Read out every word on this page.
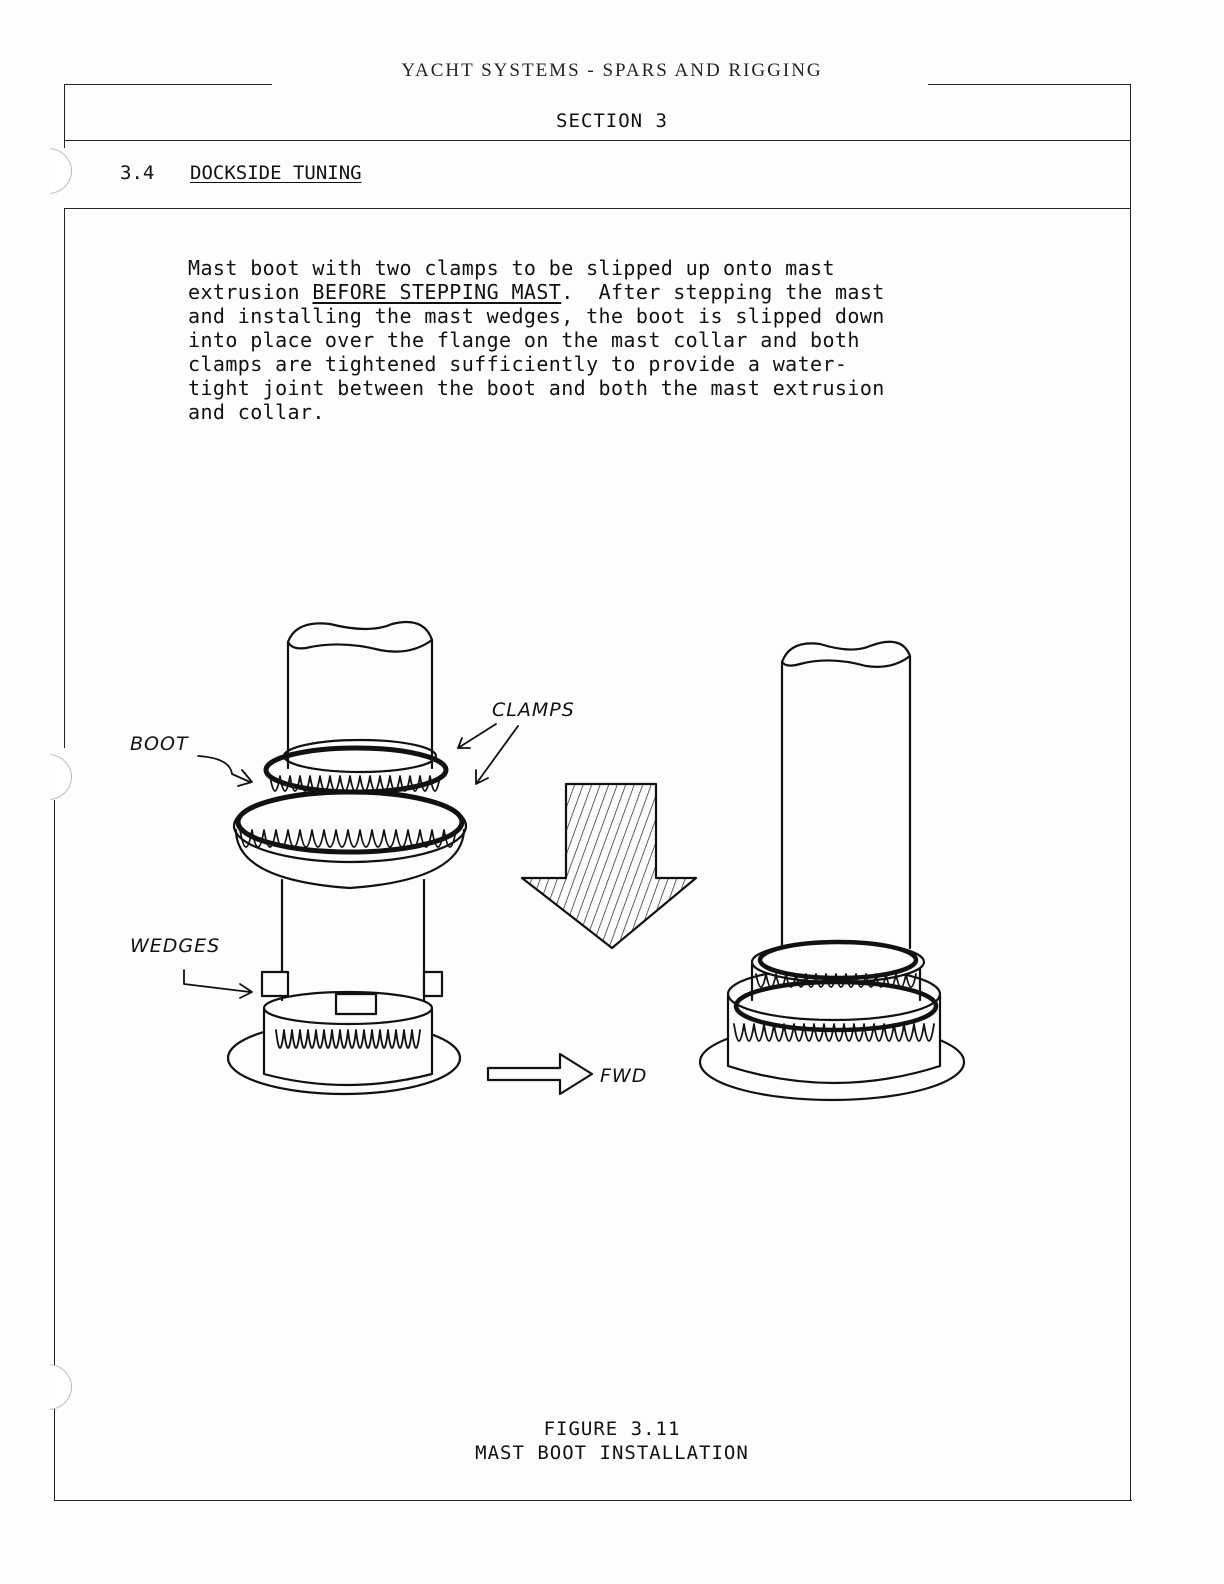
YACHT SYSTEMS - SPARS AND RIGGING
SECTION 3
3.4 DOCKSIDE TUNING
Mast boot with two clamps to be slipped up onto mast
extrusion BEFORE STEPPING MAST.  After stepping the mast
and installing the mast wedges, the boot is slipped down
into place over the flange on the mast collar and both
clamps are tightened sufficiently to provide a water-
tight joint between the boot and both the mast extrusion
and collar.
BOOT
CLAMPS
WEDGES
FWD
FIGURE 3.11
MAST BOOT INSTALLATION
